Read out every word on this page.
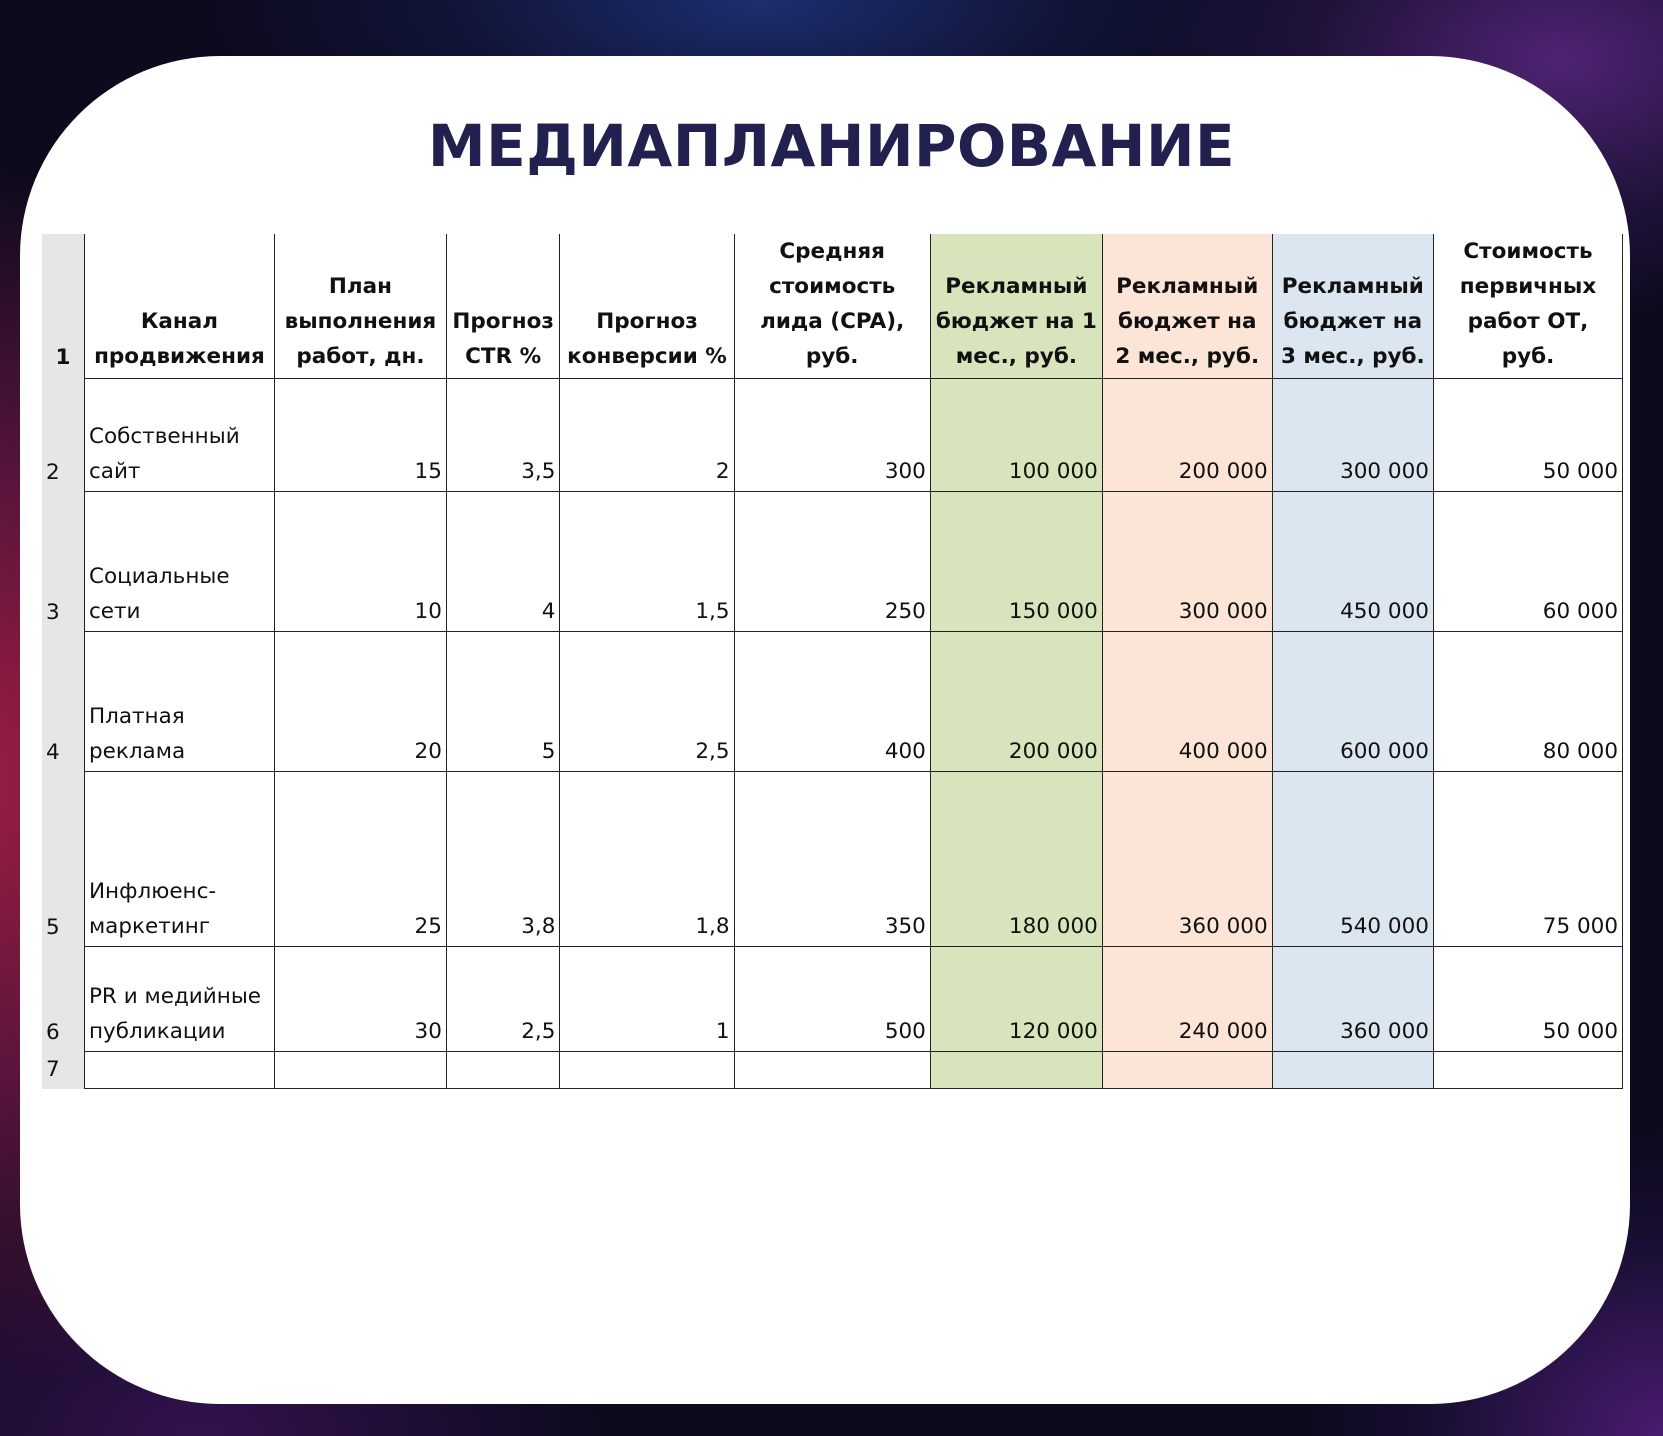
МЕДИАПЛАНИРОВАНИЕ
1	Канал продвижения	План выполнения работ, дн.	Прогноз CTR %	Прогноз конверсии %	Средняя стоимость лида (CPA), руб.	Рекламный бюджет на 1 мес., руб.	Рекламный бюджет на 2 мес., руб.	Рекламный бюджет на 3 мес., руб.	Стоимость первичных работ ОТ, руб.
2	Собственный сайт	15	3,5	2	300	100 000	200 000	300 000	50 000
3	Социальные сети	10	4	1,5	250	150 000	300 000	450 000	60 000
4	Платная реклама	20	5	2,5	400	200 000	400 000	600 000	80 000
5	Инфлюенс-маркетинг	25	3,8	1,8	350	180 000	360 000	540 000	75 000
6	PR и медийные публикации	30	2,5	1	500	120 000	240 000	360 000	50 000
7									
